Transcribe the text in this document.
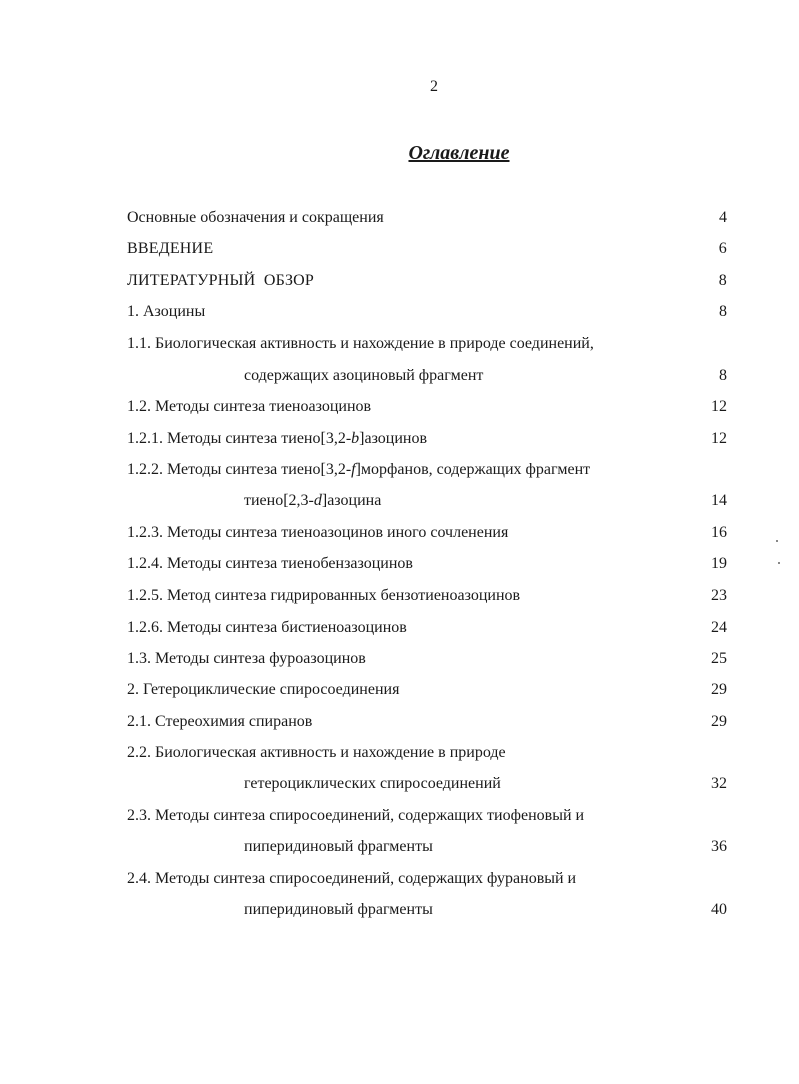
2
Оглавление
Основные обозначения и сокращения	4
ВВЕДЕНИЕ	6
ЛИТЕРАТУРНЫЙ  ОБЗОР	8
1. Азоцины	8
1.1. Биологическая активность и нахождение в природе соединений,
содержащих азоциновый фрагмент	8
1.2. Методы синтеза тиеноазоцинов	12
1.2.1. Методы синтеза тиено[3,2-b]азоцинов	12
1.2.2. Методы синтеза тиено[3,2-f]морфанов, содержащих фрагмент
тиено[2,3-d]азоцина	14
1.2.3. Методы синтеза тиеноазоцинов иного сочленения	16
1.2.4. Методы синтеза тиенобензазоцинов	19
1.2.5. Метод синтеза гидрированных бензотиеноазоцинов	23
1.2.6. Методы синтеза бистиеноазоцинов	24
1.3. Методы синтеза фуроазоцинов	25
2. Гетероциклические спиросоединения	29
2.1. Стереохимия спиранов	29
2.2. Биологическая активность и нахождение в природе
гетероциклических спиросоединений	32
2.3. Методы синтеза спиросоединений, содержащих тиофеновый и
пиперидиновый фрагменты	36
2.4. Методы синтеза спиросоединений, содержащих фурановый и
пиперидиновый фрагменты	40
